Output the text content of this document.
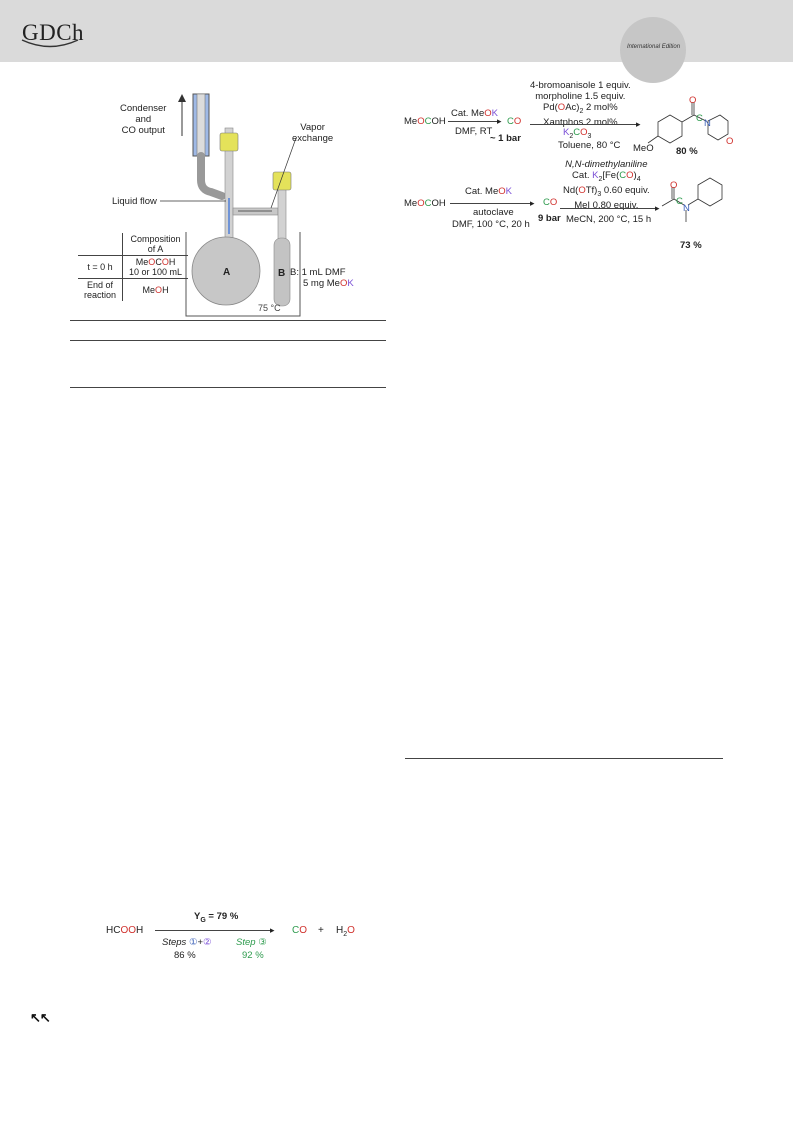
GDCh
International Edition
A	B
75 °C
Condenser
and
CO output	Vapor
exchange
Liquid flow
	Composition
of A
t = 0 h	MeOCOH
10 or 100 mL
End of
reaction	MeOH
B: 1 mL DMF
5 mg MeOK
MeOCOH
Cat. MeOK
▸
DMF, RT
CO
~ 1 bar
4-bromoanisole 1 equiv.
morpholine 1.5 equiv.
$Pd(OAc)_2$ 2 mol%
Xantphos 2 mol%	▸
$K_2CO_3$
Toluene, 80 °C
O
C N
O
MeO 80 %
MeOCOH
Cat. MeOK
▸
autoclave
DMF, 100 °C, 20 h
CO
9 bar
N,N-dimethylaniline
Cat. $K_2[Fe(CO)_4$
$Nd(OTf)_3$ 0.60 equiv.
MeI 0.80 equiv.	▸
MeCN, 200 °C, 15 h
O
C
N
73 %
HCOOH
$Y_G = 79$ %
▸
Steps ①+②	Step ③
86 %	92 %
CO + $H_2O$
↖↖
